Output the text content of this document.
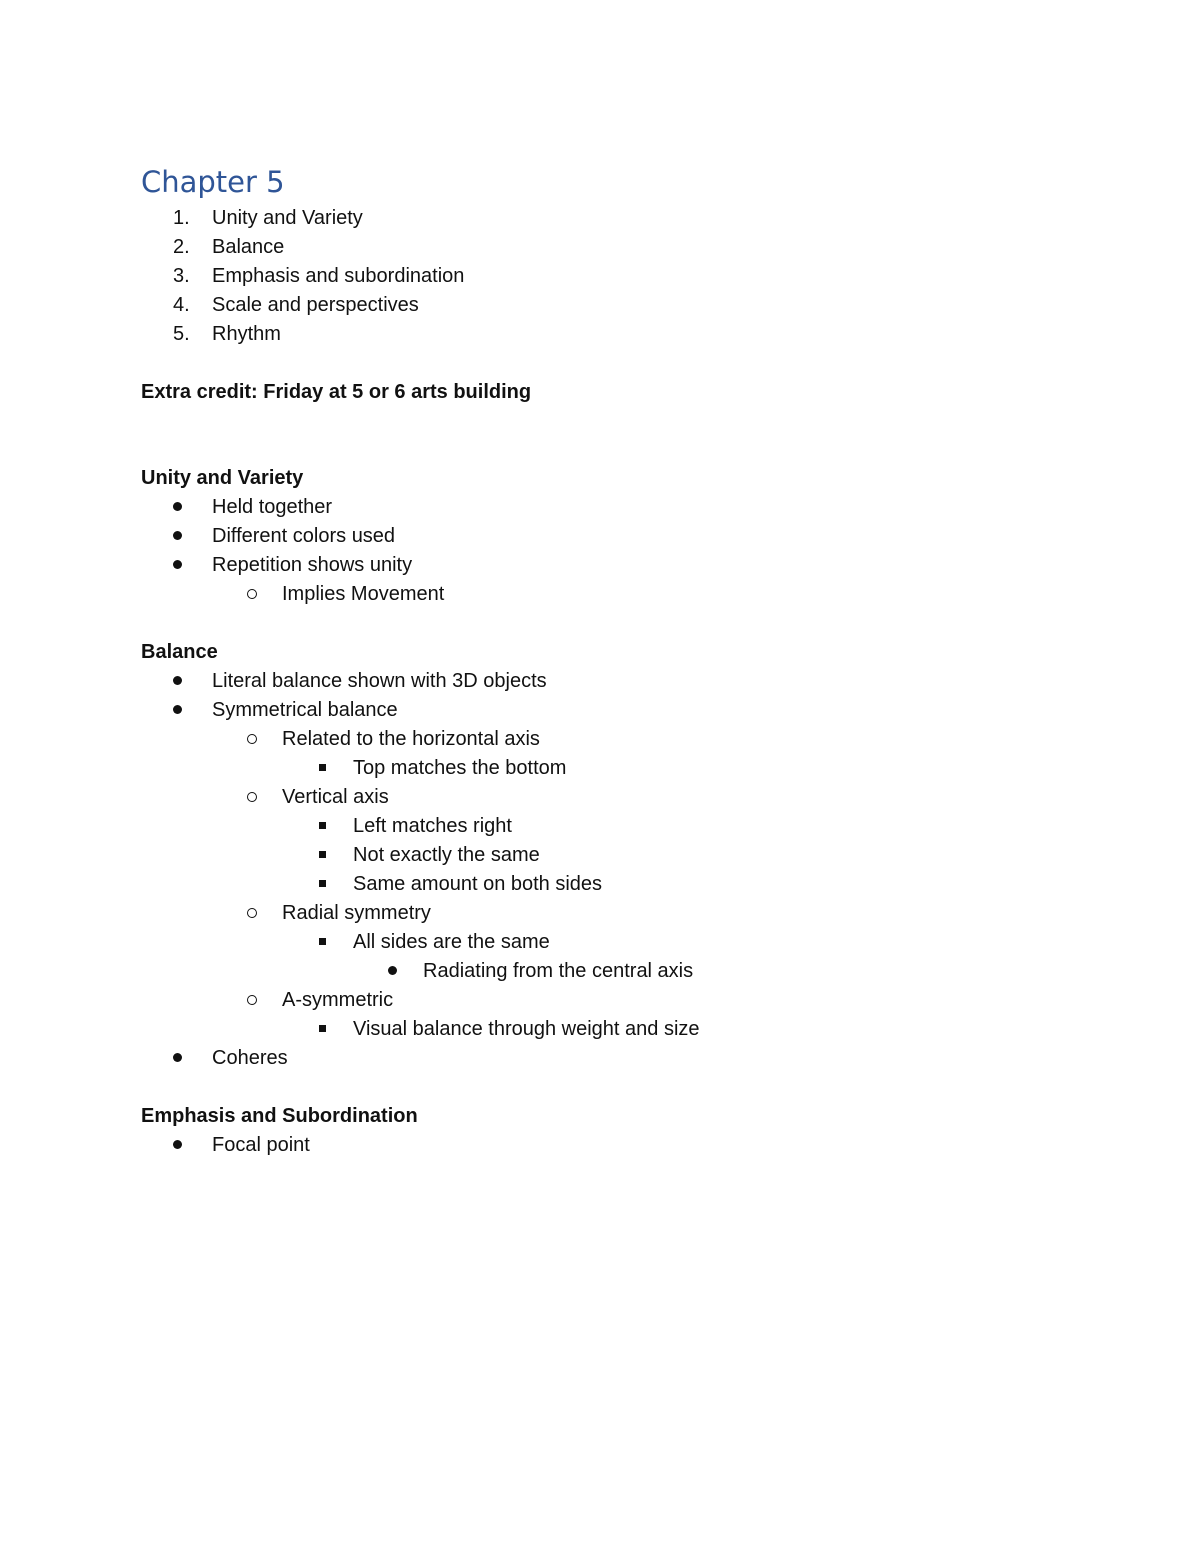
Chapter 5
1.	Unity and Variety
2.	Balance
3.	Emphasis and subordination
4.	Scale and perspectives
5.	Rhythm
Extra credit: Friday at 5 or 6 arts building
Unity and Variety
Held together
Different colors used
Repetition shows unity
Implies Movement
Balance
Literal balance shown with 3D objects
Symmetrical balance
Related to the horizontal axis
Top matches the bottom
Vertical axis
Left matches right
Not exactly the same
Same amount on both sides
Radial symmetry
All sides are the same
Radiating from the central axis
A-symmetric
Visual balance through weight and size
Coheres
Emphasis and Subordination
Focal point
